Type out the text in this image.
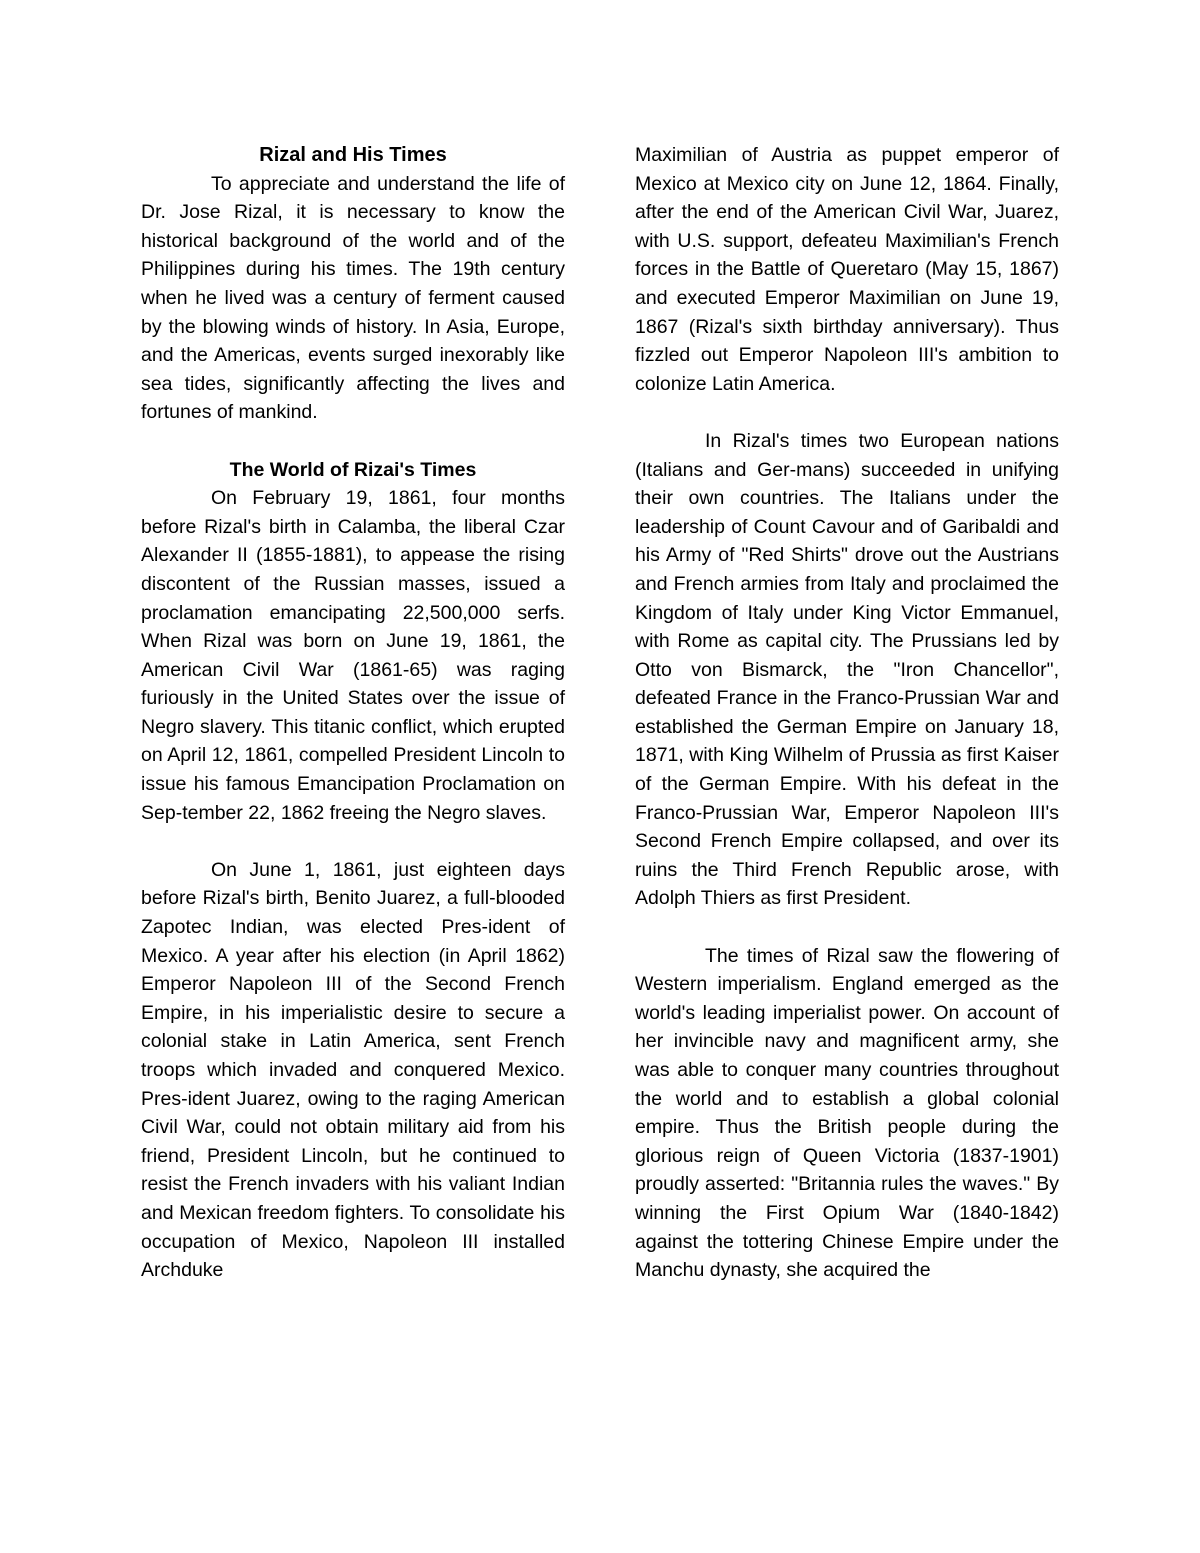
Rizal and His Times

To appreciate and understand the life of Dr. Jose Rizal, it is necessary to know the historical background of the world and of the Philippines during his times. The 19th century when he lived was a century of ferment caused by the blowing winds of history. In Asia, Europe, and the Americas, events surged inexorably like sea tides, significantly affecting the lives and fortunes of mankind.

The World of Rizai's Times

On February 19, 1861, four months before Rizal's birth in Calamba, the liberal Czar Alexander II (1855-1881), to appease the rising discontent of the Russian masses, issued a proclamation emancipating 22,500,000 serfs. When Rizal was born on June 19, 1861, the American Civil War (1861-65) was raging furiously in the United States over the issue of Negro slavery. This titanic conflict, which erupted on April 12, 1861, compelled President Lincoln to issue his famous Emancipation Proclamation on Sep-tember 22, 1862 freeing the Negro slaves.

On June 1, 1861, just eighteen days before Rizal's birth, Benito Juarez, a full-blooded Zapotec Indian, was elected Pres-ident of Mexico. A year after his election (in April 1862) Emperor Napoleon III of the Second French Empire, in his imperialistic desire to secure a colonial stake in Latin America, sent French troops which invaded and conquered Mexico. Pres-ident Juarez, owing to the raging American Civil War, could not obtain military aid from his friend, President Lincoln, but he continued to resist the French invaders with his valiant Indian and Mexican freedom fighters. To consolidate his occupation of Mexico, Napoleon III installed Archduke

Maximilian of Austria as puppet emperor of Mexico at Mexico city on June 12, 1864. Finally, after the end of the American Civil War, Juarez, with U.S. support, defeateu Maximilian's French forces in the Battle of Queretaro (May 15, 1867) and executed Emperor Maximilian on June 19, 1867 (Rizal's sixth birthday anniversary). Thus fizzled out Emperor Napoleon III's ambition to colonize Latin America.

In Rizal's times two European nations (Italians and Ger-mans) succeeded in unifying their own countries. The Italians under the leadership of Count Cavour and of Garibaldi and his Army of "Red Shirts" drove out the Austrians and French armies from Italy and proclaimed the Kingdom of Italy under King Victor Emmanuel, with Rome as capital city. The Prussians led by Otto von Bismarck, the "Iron Chancellor", defeated France in the Franco-Prussian War and established the German Empire on January 18, 1871, with King Wilhelm of Prussia as first Kaiser of the German Empire. With his defeat in the Franco-Prussian War, Emperor Napoleon III's Second French Empire collapsed, and over its ruins the Third French Republic arose, with Adolph Thiers as first President.

The times of Rizal saw the flowering of Western imperialism. England emerged as the world's leading imperialist power. On account of her invincible navy and magnificent army, she was able to conquer many countries throughout the world and to establish a global colonial empire. Thus the British people during the glorious reign of Queen Victoria (1837-1901) proudly asserted: "Britannia rules the waves." By winning the First Opium War (1840-1842) against the tottering Chinese Empire under the Manchu dynasty, she acquired the
